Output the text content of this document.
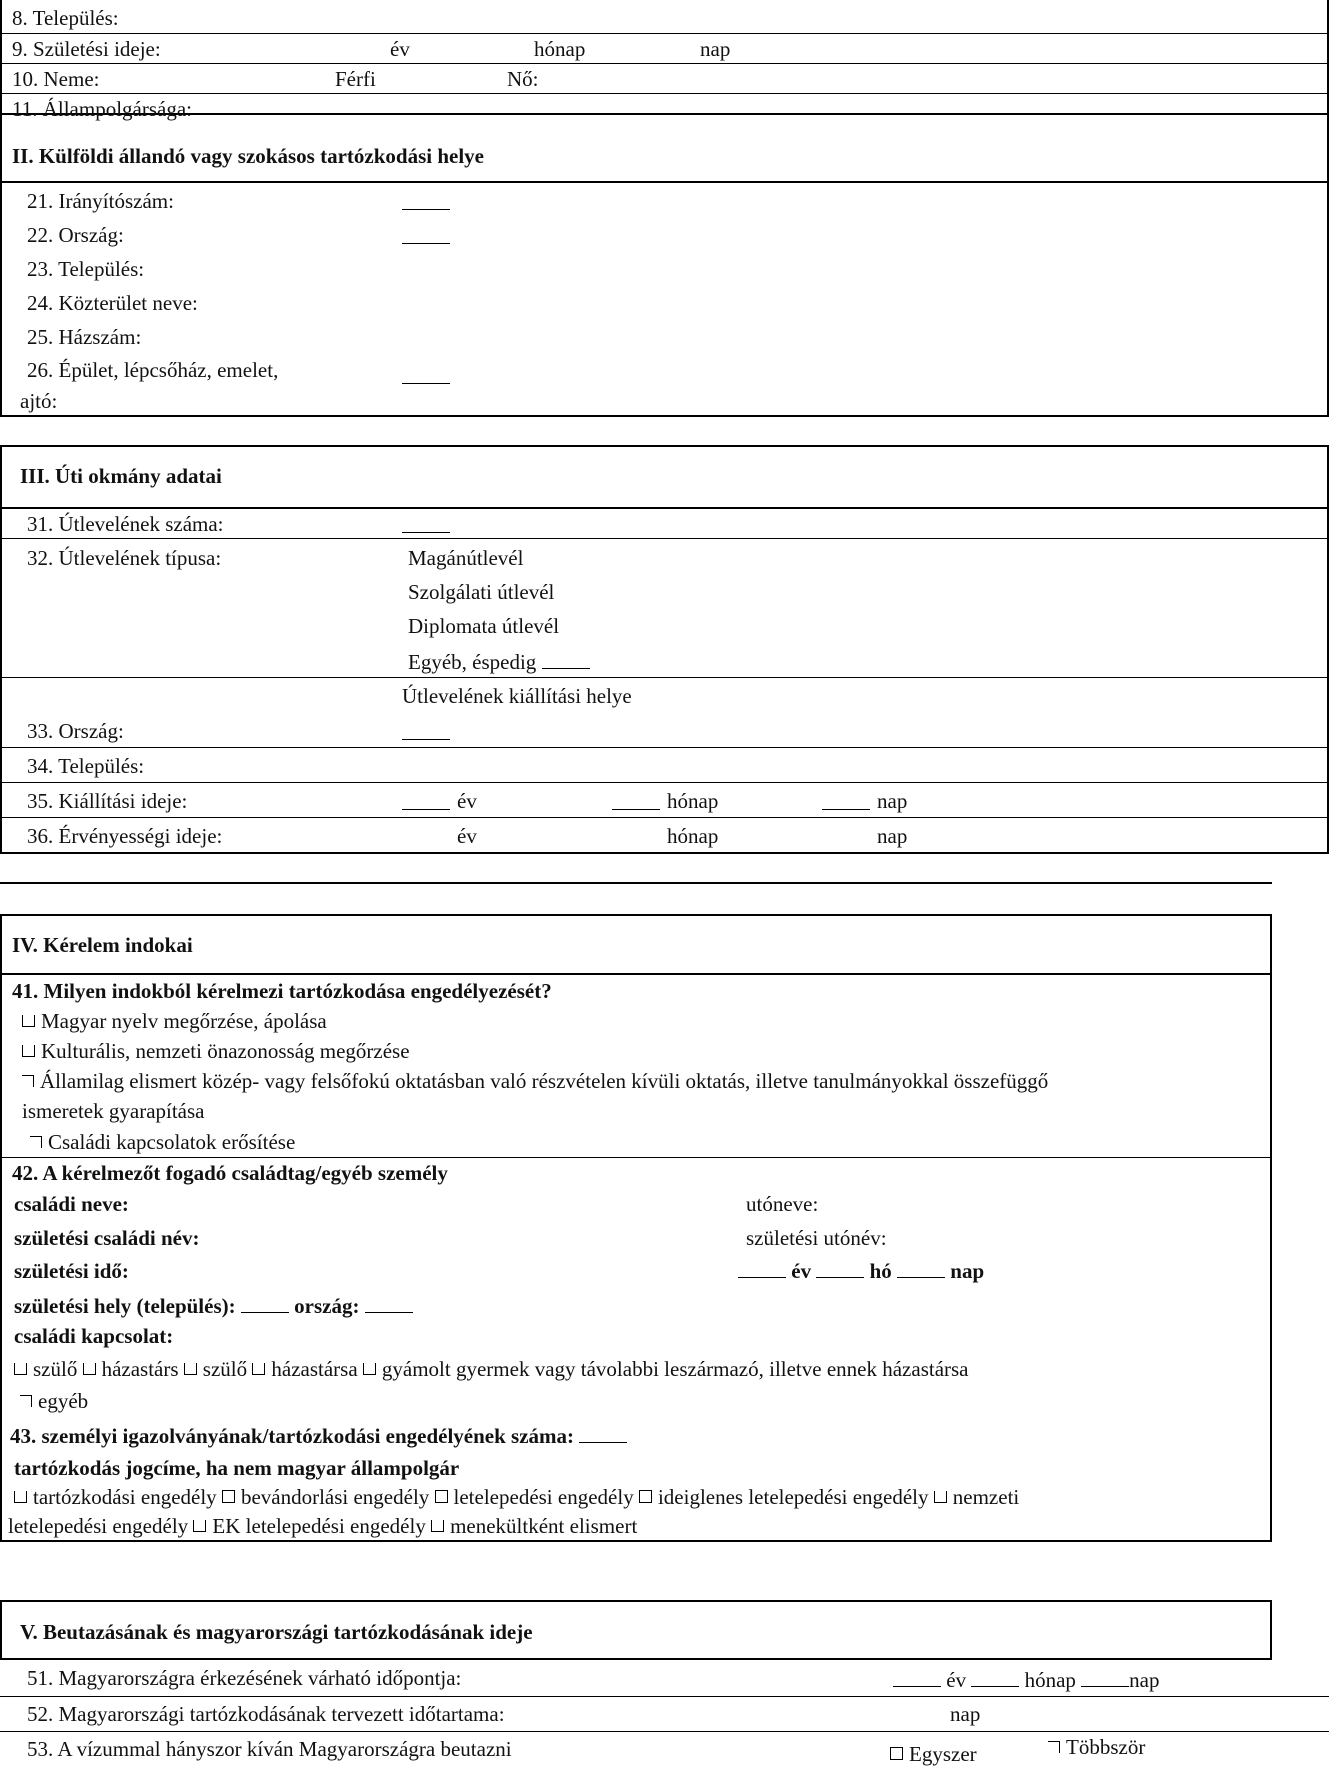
8. Település:
9. Születési ideje:	év	hónap	nap
10. Neme:	Férfi	Nő:
11. Állampolgársága:
II. Külföldi állandó vagy szokásos tartózkodási helye
21. Irányítószám:
22. Ország:
23. Település:
24. Közterület neve:
25. Házszám:
26. Épület, lépcsőház, emelet,
ajtó:
III. Úti okmány adatai
31. Útlevelének száma:
32. Útlevelének típusa:	Magánútlevél
Szolgálati útlevél
Diplomata útlevél
Egyéb, éspedig
Útlevelének kiállítási helye
33. Ország:
34. Település:
35. Kiállítási ideje:	év	hónap	nap
36. Érvényességi ideje:	év	hónap	nap
IV. Kérelem indokai
41. Milyen indokból kérelmezi tartózkodása engedélyezését?
Magyar nyelv megőrzése, ápolása
Kulturális, nemzeti önazonosság megőrzése
Államilag elismert közép- vagy felsőfokú oktatásban való részvételen kívüli oktatás, illetve tanulmányokkal összefüggő
ismeretek gyarapítása
Családi kapcsolatok erősítése
42. A kérelmezőt fogadó családtag/egyéb személy
családi neve:	utóneve:
születési családi név:	születési utónév:
születési idő:	év	hó	nap
születési hely (település):	ország:
családi kapcsolat:
szülő házastárs szülő házastársa gyámolt gyermek vagy távolabbi leszármazó, illetve ennek házastársa
egyéb
43. személyi igazolványának/tartózkodási engedélyének száma:
tartózkodás jogcíme, ha nem magyar állampolgár
tartózkodási engedély bevándorlási engedély letelepedési engedély ideiglenes letelepedési engedély nemzeti
letelepedési engedély EK letelepedési engedély menekültként elismert
V. Beutazásának és magyarországi tartózkodásának ideje
51. Magyarországra érkezésének várható időpontja:	év	hónap	nap
52. Magyarországi tartózkodásának tervezett időtartama:	nap
53. A vízummal hányszor kíván Magyarországra beutazni	Egyszer	Többször
